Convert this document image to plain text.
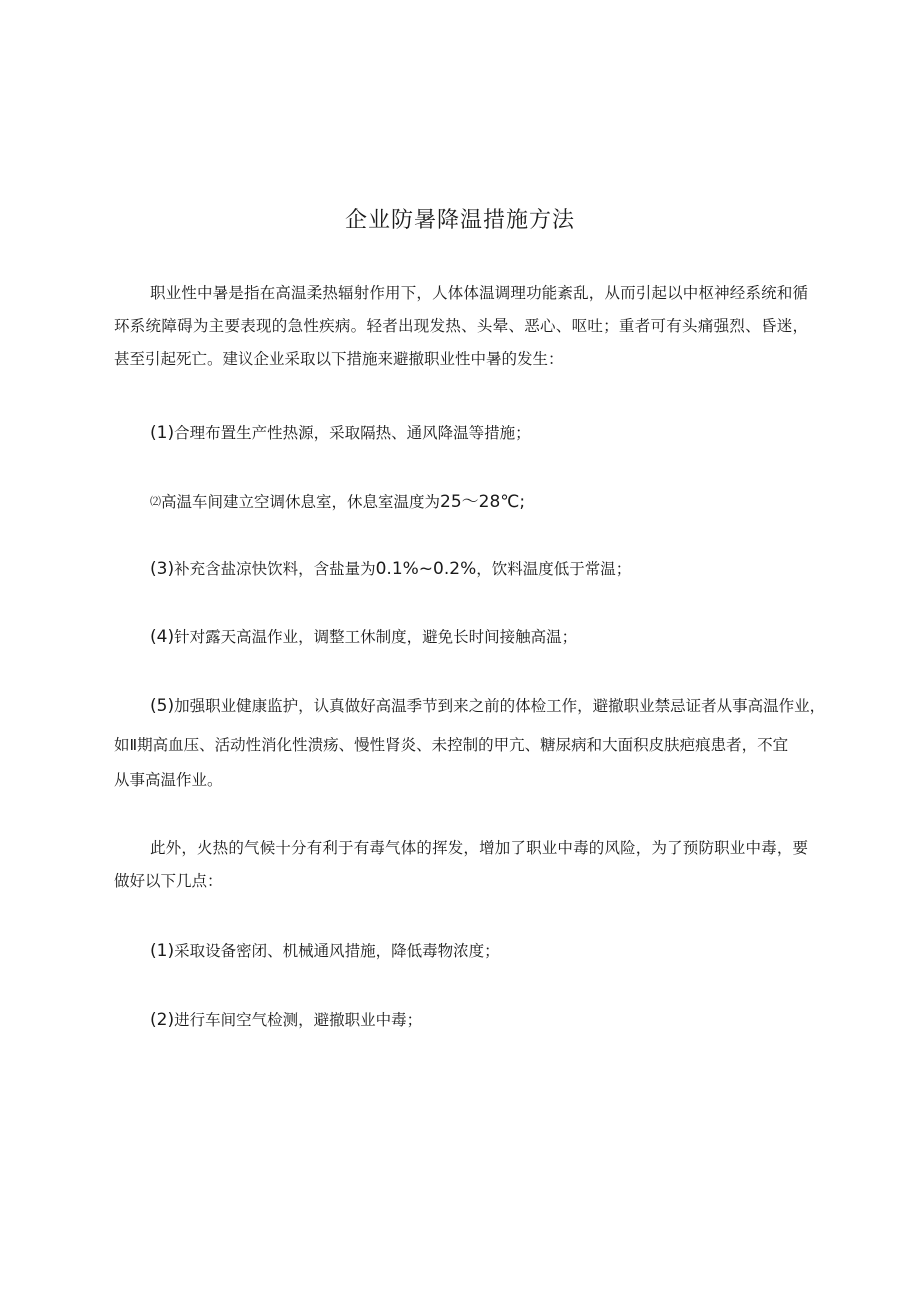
企业防暑降温措施方法

职业性中暑是指在高温柔热辐射作用下，人体体温调理功能紊乱，从而引起以中枢神经系统和循环系统障碍为主要表现的急性疾病。轻者出现发热、头晕、恶心、呕吐；重者可有头痛强烈、昏迷，甚至引起死亡。建议企业采取以下措施来避撤职业性中暑的发生：

(1)合理布置生产性热源，采取隔热、通风降温等措施；

⑵高温车间建立空调休息室，休息室温度为25～28℃;

(3)补充含盐凉快饮料，含盐量为0.1%~0.2%，饮料温度低于常温；

(4)针对露天高温作业，调整工休制度，避免长时间接触高温；

(5)加强职业健康监护，认真做好高温季节到来之前的体检工作，避撤职业禁忌证者从事高温作业，

如Ⅱ期高血压、活动性消化性溃疡、慢性肾炎、未控制的甲亢、糖尿病和大面积皮肤疤痕患者，不宜

从事高温作业。

此外，火热的气候十分有利于有毒气体的挥发，增加了职业中毒的风险，为了预防职业中毒，要做好以下几点：

(1)采取设备密闭、机械通风措施，降低毒物浓度；

(2)进行车间空气检测，避撤职业中毒；
